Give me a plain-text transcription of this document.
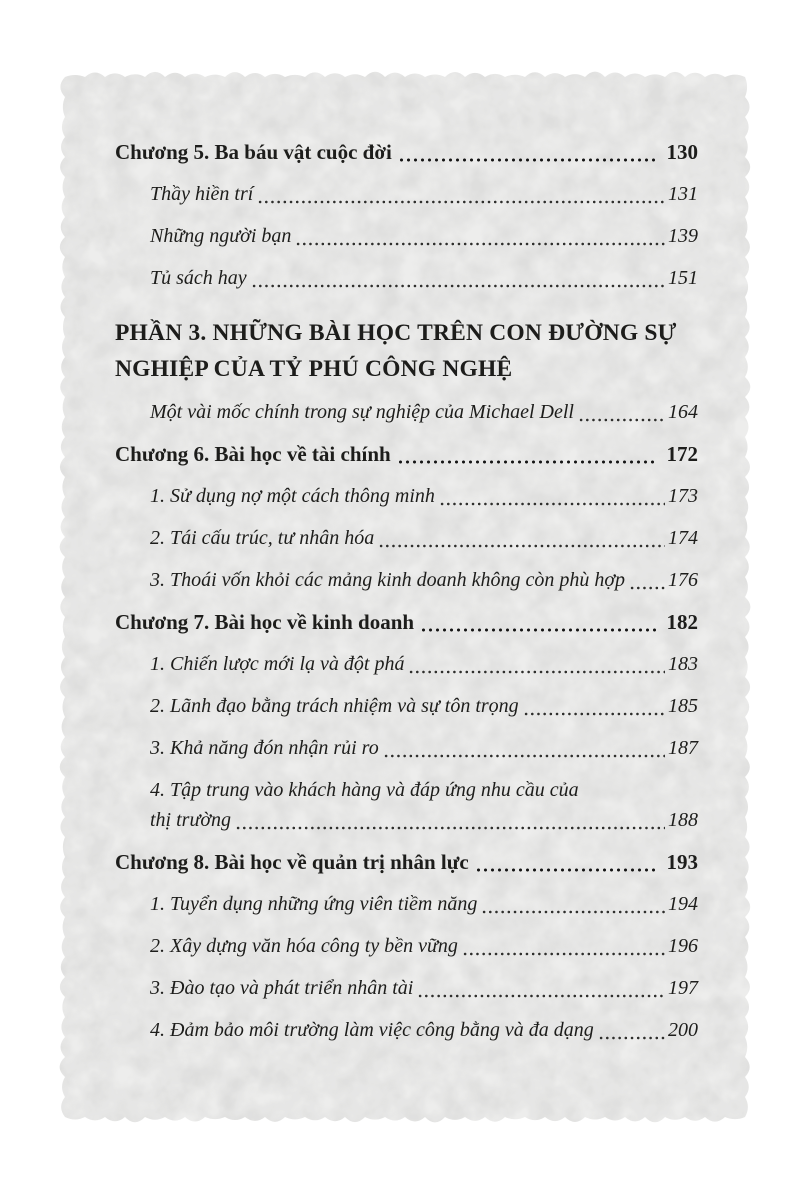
Chương 5. Ba báu vật cuộc đời	130
Thầy hiền trí	131
Những người bạn	139
Tủ sách hay	151
PHẦN 3. NHỮNG BÀI HỌC TRÊN CON ĐƯỜNG SỰ NGHIỆP CỦA TỶ PHÚ CÔNG NGHỆ
Một vài mốc chính trong sự nghiệp của Michael Dell	164
Chương 6. Bài học về tài chính	172
1. Sử dụng nợ một cách thông minh	173
2. Tái cấu trúc, tư nhân hóa	174
3. Thoái vốn khỏi các mảng kinh doanh không còn phù hợp 176
Chương 7. Bài học về kinh doanh	182
1. Chiến lược mới lạ và đột phá	183
2. Lãnh đạo bằng trách nhiệm và sự tôn trọng	185
3. Khả năng đón nhận rủi ro	187
4. Tập trung vào khách hàng và đáp ứng nhu cầu của
thị trường	188
Chương 8. Bài học về quản trị nhân lực	193
1. Tuyển dụng những ứng viên tiềm năng	194
2. Xây dựng văn hóa công ty bền vững	196
3. Đào tạo và phát triển nhân tài	197
4. Đảm bảo môi trường làm việc công bằng và đa dạng	200
